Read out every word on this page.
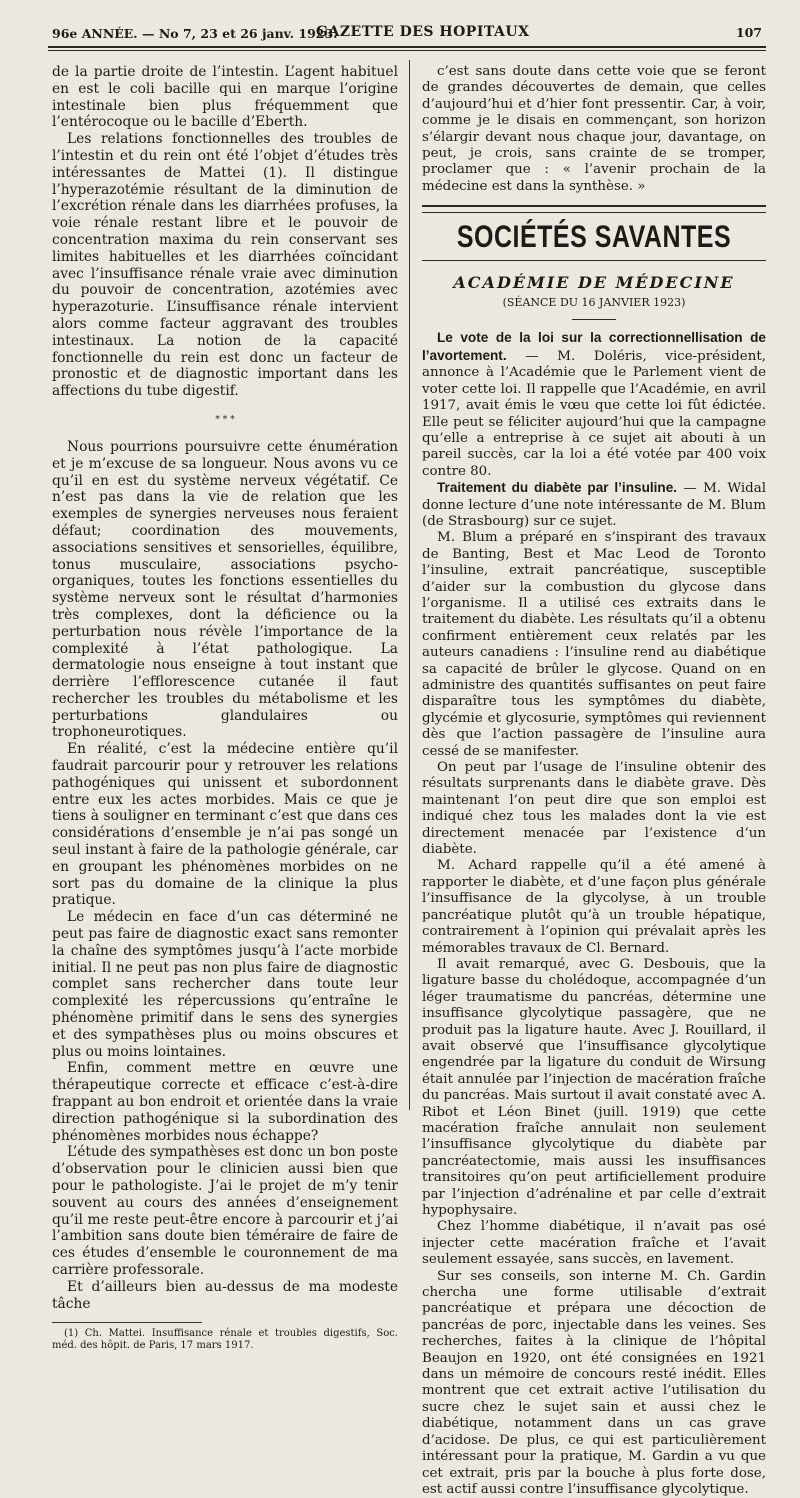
96e ANNÉE. — No 7, 23 et 26 janv. 1923.
GAZETTE DES HOPITAUX	107

de la partie droite de l’intestin. L’agent habituel en est le coli bacille qui en marque l’origine intestinale bien plus fréquemment que l’entérocoque ou le bacille d’Eberth.

Les relations fonctionnelles des troubles de l’intestin et du rein ont été l’objet d’études très intéressantes de Mattei (1). Il distingue l’hyperazotémie résultant de la diminution de l’excrétion rénale dans les diarrhées profuses, la voie rénale restant libre et le pouvoir de concentration maxima du rein conservant ses limites habituelles et les diarrhées coïncidant avec l’insuffisance rénale vraie avec diminution du pouvoir de concentration, azotémies avec hyperazoturie. L’insuffisance rénale intervient alors comme facteur aggravant des troubles intestinaux. La notion de la capacité fonctionnelle du rein est donc un facteur de pronostic et de diagnostic important dans les affections du tube digestif.

* * *

Nous pourrions poursuivre cette énumération et je m’excuse de sa longueur. Nous avons vu ce qu’il en est du système nerveux végétatif. Ce n’est pas dans la vie de relation que les exemples de synergies nerveuses nous feraient défaut; coordination des mouvements, associations sensitives et sensorielles, équilibre, tonus musculaire, associations psycho-organiques, toutes les fonctions essentielles du système nerveux sont le résultat d’harmonies très complexes, dont la déficience ou la perturbation nous révèle l’importance de la complexité à l’état pathologique. La dermatologie nous enseigne à tout instant que derrière l’efflorescence cutanée il faut rechercher les troubles du métabolisme et les perturbations glandulaires ou trophoneurotiques.

En réalité, c’est la médecine entière qu’il faudrait parcourir pour y retrouver les relations pathogéniques qui unissent et subordonnent entre eux les actes morbides. Mais ce que je tiens à souligner en terminant c’est que dans ces considérations d’ensemble je n’ai pas songé un seul instant à faire de la pathologie générale, car en groupant les phénomènes morbides on ne sort pas du domaine de la clinique la plus pratique.

Le médecin en face d’un cas déterminé ne peut pas faire de diagnostic exact sans remonter la chaîne des symptômes jusqu’à l’acte morbide initial. Il ne peut pas non plus faire de diagnostic complet sans rechercher dans toute leur complexité les répercussions qu’entraîne le phénomène primitif dans le sens des synergies et des sympathèses plus ou moins obscures et plus ou moins lointaines.

Enfin, comment mettre en œuvre une thérapeutique correcte et efficace c’est-à-dire frappant au bon endroit et orientée dans la vraie direction pathogénique si la subordination des phénomènes morbides nous échappe?

L’étude des sympathèses est donc un bon poste d’observation pour le clinicien aussi bien que pour le pathologiste. J’ai le projet de m’y tenir souvent au cours des années d’enseignement qu’il me reste peut-être encore à parcourir et j’ai l’ambition sans doute bien téméraire de faire de ces études d’ensemble le couronnement de ma carrière professorale.

Et d’ailleurs bien au-dessus de ma modeste tâche

(1) Ch. Mattei. Insuffisance rénale et troubles digestifs, Soc. méd. des hôpit. de Paris, 17 mars 1917.

c’est sans doute dans cette voie que se feront de grandes découvertes de demain, que celles d’aujourd’hui et d’hier font pressentir. Car, à voir, comme je le disais en commençant, son horizon s’élargir devant nous chaque jour, davantage, on peut, je crois, sans crainte de se tromper, proclamer que : « l’avenir prochain de la médecine est dans la synthèse. »

SOCIÉTÉS SAVANTES
ACADÉMIE DE MÉDECINE
(SÉANCE DU 16 JANVIER 1923)

Le vote de la loi sur la correctionnellisation de l’avortement. — M. Doléris, vice-président, annonce à l’Académie que le Parlement vient de voter cette loi. Il rappelle que l’Académie, en avril 1917, avait émis le vœu que cette loi fût édictée. Elle peut se féliciter aujourd’hui que la campagne qu’elle a entreprise à ce sujet ait abouti à un pareil succès, car la loi a été votée par 400 voix contre 80.

Traitement du diabète par l’insuline. — M. Widal donne lecture d’une note intéressante de M. Blum (de Strasbourg) sur ce sujet.

M. Blum a préparé en s’inspirant des travaux de Banting, Best et Mac Leod de Toronto l’insuline, extrait pancréatique, susceptible d’aider sur la combustion du glycose dans l’organisme. Il a utilisé ces extraits dans le traitement du diabète. Les résultats qu’il a obtenu confirment entièrement ceux relatés par les auteurs canadiens : l’insuline rend au diabétique sa capacité de brûler le glycose. Quand on en administre des quantités suffisantes on peut faire disparaître tous les symptômes du diabète, glycémie et glycosurie, symptômes qui reviennent dès que l’action passagère de l’insuline aura cessé de se manifester.

On peut par l’usage de l’insuline obtenir des résultats surprenants dans le diabète grave. Dès maintenant l’on peut dire que son emploi est indiqué chez tous les malades dont la vie est directement menacée par l’existence d’un diabète.

M. Achard rappelle qu’il a été amené à rapporter le diabète, et d’une façon plus générale l’insuffisance de la glycolyse, à un trouble pancréatique plutôt qu’à un trouble hépatique, contrairement à l’opinion qui prévalait après les mémorables travaux de Cl. Bernard.

Il avait remarqué, avec G. Desbouis, que la ligature basse du cholédoque, accompagnée d’un léger traumatisme du pancréas, détermine une insuffisance glycolytique passagère, que ne produit pas la ligature haute. Avec J. Rouillard, il avait observé que l’insuffisance glycolytique engendrée par la ligature du conduit de Wirsung était annulée par l’injection de macération fraîche du pancréas. Mais surtout il avait constaté avec A. Ribot et Léon Binet (juill. 1919) que cette macération fraîche annulait non seulement l’insuffisance glycolytique du diabète par pancréatectomie, mais aussi les insuffisances transitoires qu’on peut artificiellement produire par l’injection d’adrénaline et par celle d’extrait hypophysaire.

Chez l’homme diabétique, il n’avait pas osé injecter cette macération fraîche et l’avait seulement essayée, sans succès, en lavement.

Sur ses conseils, son interne M. Ch. Gardin chercha une forme utilisable d’extrait pancréatique et prépara une décoction de pancréas de porc, injectable dans les veines. Ses recherches, faites à la clinique de l’hôpital Beaujon en 1920, ont été consignées en 1921 dans un mémoire de concours resté inédit. Elles montrent que cet extrait active l’utilisation du sucre chez le sujet sain et aussi chez le diabétique, notamment dans un cas grave d’acidose. De plus, ce qui est particulièrement intéressant pour la pratique, M. Gardin a vu que cet extrait, pris par la bouche à plus forte dose, est actif aussi contre l’insuffisance glycolytique.
